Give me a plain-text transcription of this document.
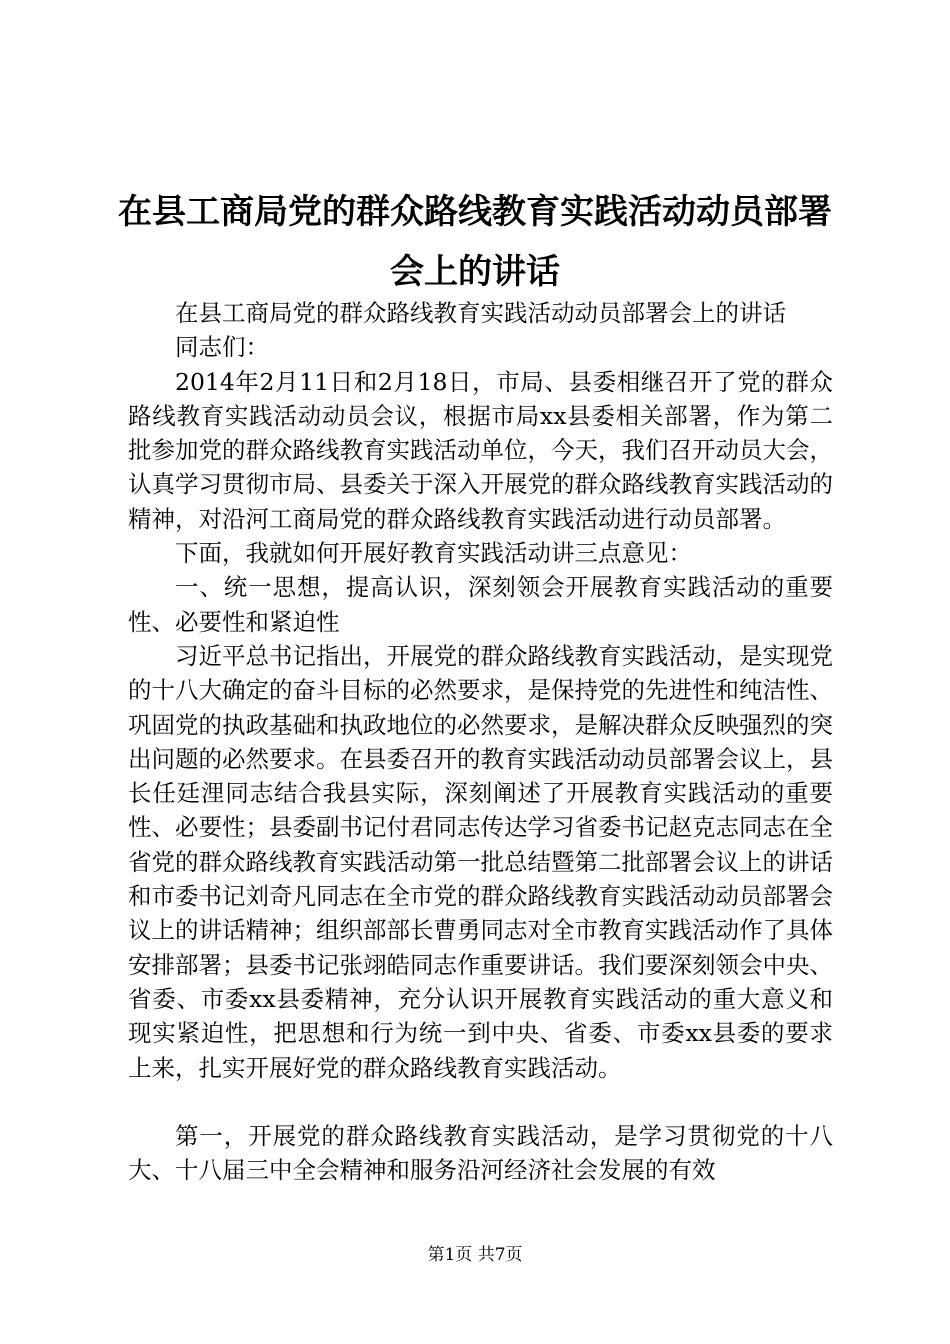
在县工商局党的群众路线教育实践活动动员部署会上的讲话

在县工商局党的群众路线教育实践活动动员部署会上的讲话

同志们：

2014年2月11日和2月18日，市局、县委相继召开了党的群众路线教育实践活动动员会议，根据市局xx县委相关部署，作为第二批参加党的群众路线教育实践活动单位，今天，我们召开动员大会，认真学习贯彻市局、县委关于深入开展党的群众路线教育实践活动的精神，对沿河工商局党的群众路线教育实践活动进行动员部署。

下面，我就如何开展好教育实践活动讲三点意见：

一、统一思想，提高认识，深刻领会开展教育实践活动的重要性、必要性和紧迫性

习近平总书记指出，开展党的群众路线教育实践活动，是实现党的十八大确定的奋斗目标的必然要求，是保持党的先进性和纯洁性、巩固党的执政基础和执政地位的必然要求，是解决群众反映强烈的突出问题的必然要求。在县委召开的教育实践活动动员部署会议上，县长任廷浬同志结合我县实际，深刻阐述了开展教育实践活动的重要性、必要性；县委副书记付君同志传达学习省委书记赵克志同志在全省党的群众路线教育实践活动第一批总结暨第二批部署会议上的讲话和市委书记刘奇凡同志在全市党的群众路线教育实践活动动员部署会议上的讲话精神；组织部部长曹勇同志对全市教育实践活动作了具体安排部署；县委书记张翊皓同志作重要讲话。我们要深刻领会中央、省委、市委xx县委精神，充分认识开展教育实践活动的重大意义和现实紧迫性，把思想和行为统一到中央、省委、市委xx县委的要求上来，扎实开展好党的群众路线教育实践活动。

第一，开展党的群众路线教育实践活动，是学习贯彻党的十八大、十八届三中全会精神和服务沿河经济社会发展的有效

第1页 共7页
